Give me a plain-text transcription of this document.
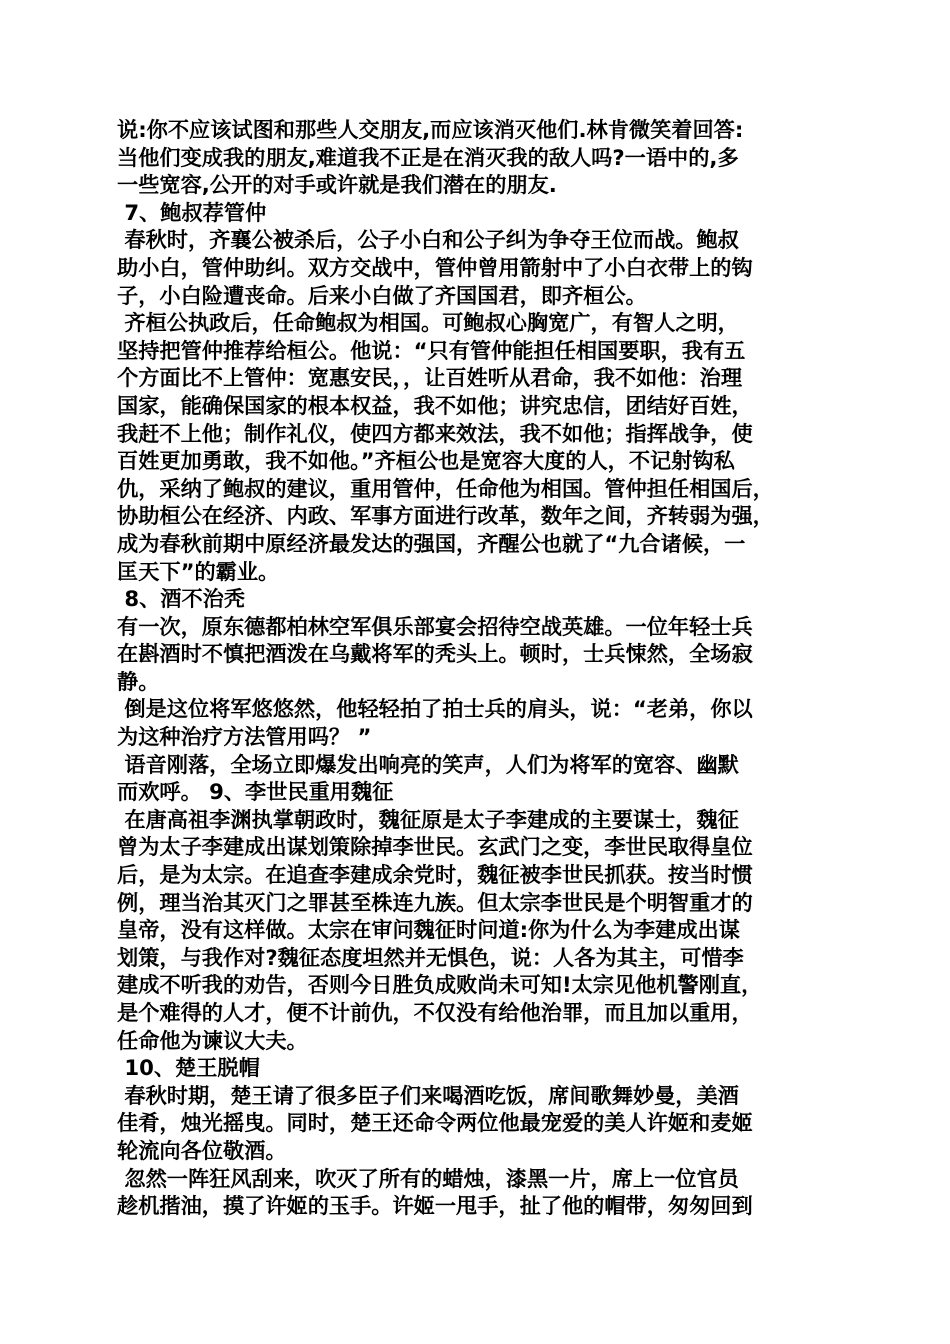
说:你不应该试图和那些人交朋友,而应该消灭他们.林肯微笑着回答:
当他们变成我的朋友,难道我不正是在消灭我的敌人吗?一语中的,多
一些宽容,公开的对手或许就是我们潜在的朋友.
7、鲍叔荐管仲
春秋时，齐襄公被杀后，公子小白和公子纠为争夺王位而战。鲍叔
助小白，管仲助纠。双方交战中，管仲曾用箭射中了小白衣带上的钩
子，小白险遭丧命。后来小白做了齐国国君，即齐桓公。
齐桓公执政后，任命鲍叔为相国。可鲍叔心胸宽广，有智人之明，
坚持把管仲推荐给桓公。他说：“只有管仲能担任相国要职，我有五
个方面比不上管仲：宽惠安民，，让百姓听从君命，我不如他：治理
国家，能确保国家的根本权益，我不如他；讲究忠信，团结好百姓，
我赶不上他；制作礼仪，使四方都来效法，我不如他；指挥战争，使
百姓更加勇敢，我不如他。”齐桓公也是宽容大度的人，不记射钩私
仇，采纳了鲍叔的建议，重用管仲，任命他为相国。管仲担任相国后，
协助桓公在经济、内政、军事方面进行改革，数年之间，齐转弱为强，
成为春秋前期中原经济最发达的强国，齐醒公也就了“九合诸候，一
匡天下”的霸业。
8、酒不治秃
有一次，原东德都柏林空军俱乐部宴会招待空战英雄。一位年轻士兵
在斟酒时不慎把酒泼在乌戴将军的秃头上。顿时，士兵悚然，全场寂
静。
倒是这位将军悠悠然，他轻轻拍了拍士兵的肩头，说：“老弟，你以
为这种治疗方法管用吗？ ”
语音刚落，全场立即爆发出响亮的笑声，人们为将军的宽容、幽默
而欢呼。 9、李世民重用魏征
在唐高祖李渊执掌朝政时，魏征原是太子李建成的主要谋士，魏征
曾为太子李建成出谋划策除掉李世民。玄武门之变，李世民取得皇位
后，是为太宗。在追查李建成余党时，魏征被李世民抓获。按当时惯
例，理当治其灭门之罪甚至株连九族。但太宗李世民是个明智重才的
皇帝，没有这样做。太宗在审问魏征时问道:你为什么为李建成出谋
划策，与我作对?魏征态度坦然并无惧色，说：人各为其主，可惜李
建成不听我的劝告，否则今日胜负成败尚未可知!太宗见他机警刚直，
是个难得的人才，便不计前仇，不仅没有给他治罪，而且加以重用，
任命他为谏议大夫。
10、楚王脱帽
春秋时期，楚王请了很多臣子们来喝酒吃饭，席间歌舞妙曼，美酒
佳肴，烛光摇曳。同时，楚王还命令两位他最宠爱的美人许姬和麦姬
轮流向各位敬酒。
忽然一阵狂风刮来，吹灭了所有的蜡烛，漆黑一片，席上一位官员
趁机揩油，摸了许姬的玉手。许姬一甩手，扯了他的帽带，匆匆回到
